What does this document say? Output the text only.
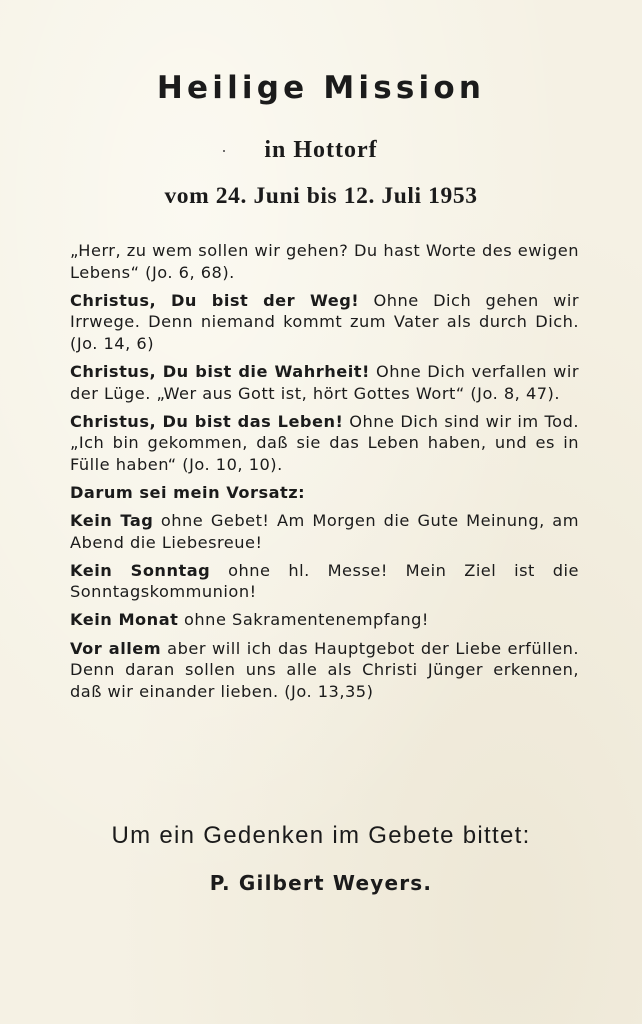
Heilige Mission
in Hottorf
vom 24. Juni bis 12. Juli 1953

„Herr, zu wem sollen wir gehen? Du hast Worte des ewigen Lebens“ (Jo. 6, 68).

Christus, Du bist der Weg! Ohne Dich gehen wir Irrwege. Denn niemand kommt zum Vater als durch Dich. (Jo. 14, 6)

Christus, Du bist die Wahrheit! Ohne Dich verfallen wir der Lüge. „Wer aus Gott ist, hört Gottes Wort“ (Jo. 8, 47).

Christus, Du bist das Leben! Ohne Dich sind wir im Tod. „Ich bin gekommen, daß sie das Leben haben, und es in Fülle haben“ (Jo. 10, 10).

Darum sei mein Vorsatz:

Kein Tag ohne Gebet! Am Morgen die Gute Meinung, am Abend die Liebesreue!

Kein Sonntag ohne hl. Messe! Mein Ziel ist die Sonntagskommunion!

Kein Monat ohne Sakramentenempfang!

Vor allem aber will ich das Hauptgebot der Liebe erfüllen. Denn daran sollen uns alle als Christi Jünger erkennen, daß wir einander lieben. (Jo. 13,35)

Um ein Gedenken im Gebete bittet:

P. Gilbert Weyers.
